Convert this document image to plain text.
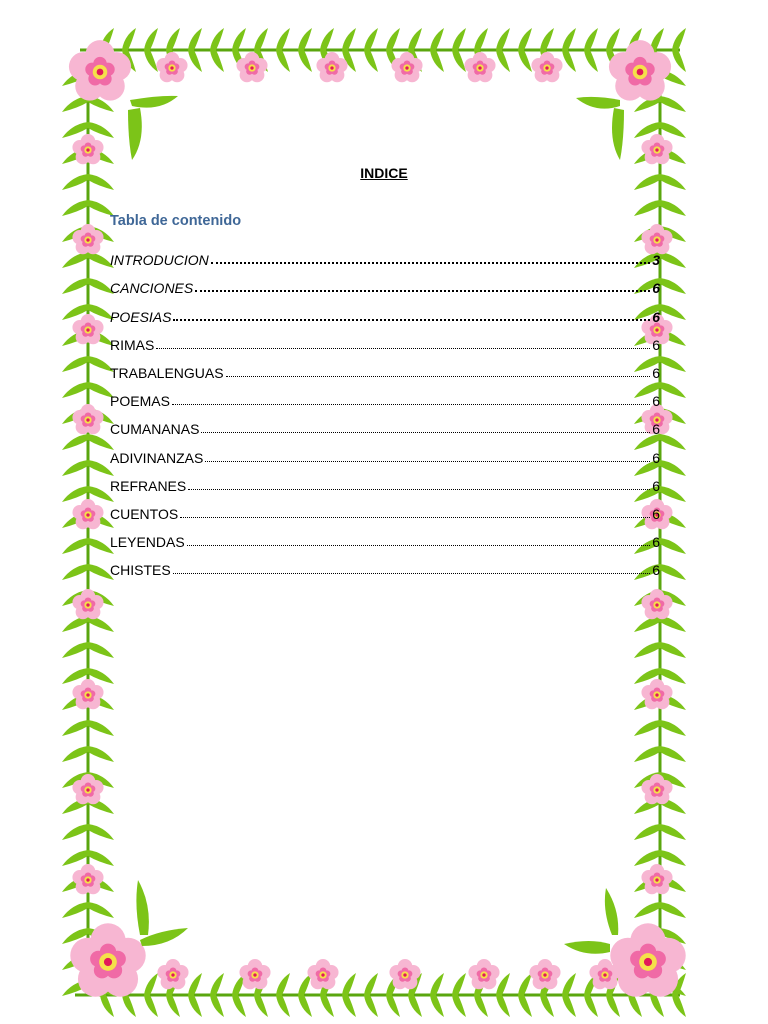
INDICE
Tabla de contenido
INTRODUCION	3
CANCIONES	6
POESIAS	6
RIMAS	6
TRABALENGUAS	6
POEMAS	6
CUMANANAS	6
ADIVINANZAS	6
REFRANES	6
CUENTOS	6
LEYENDAS	6
CHISTES	6
